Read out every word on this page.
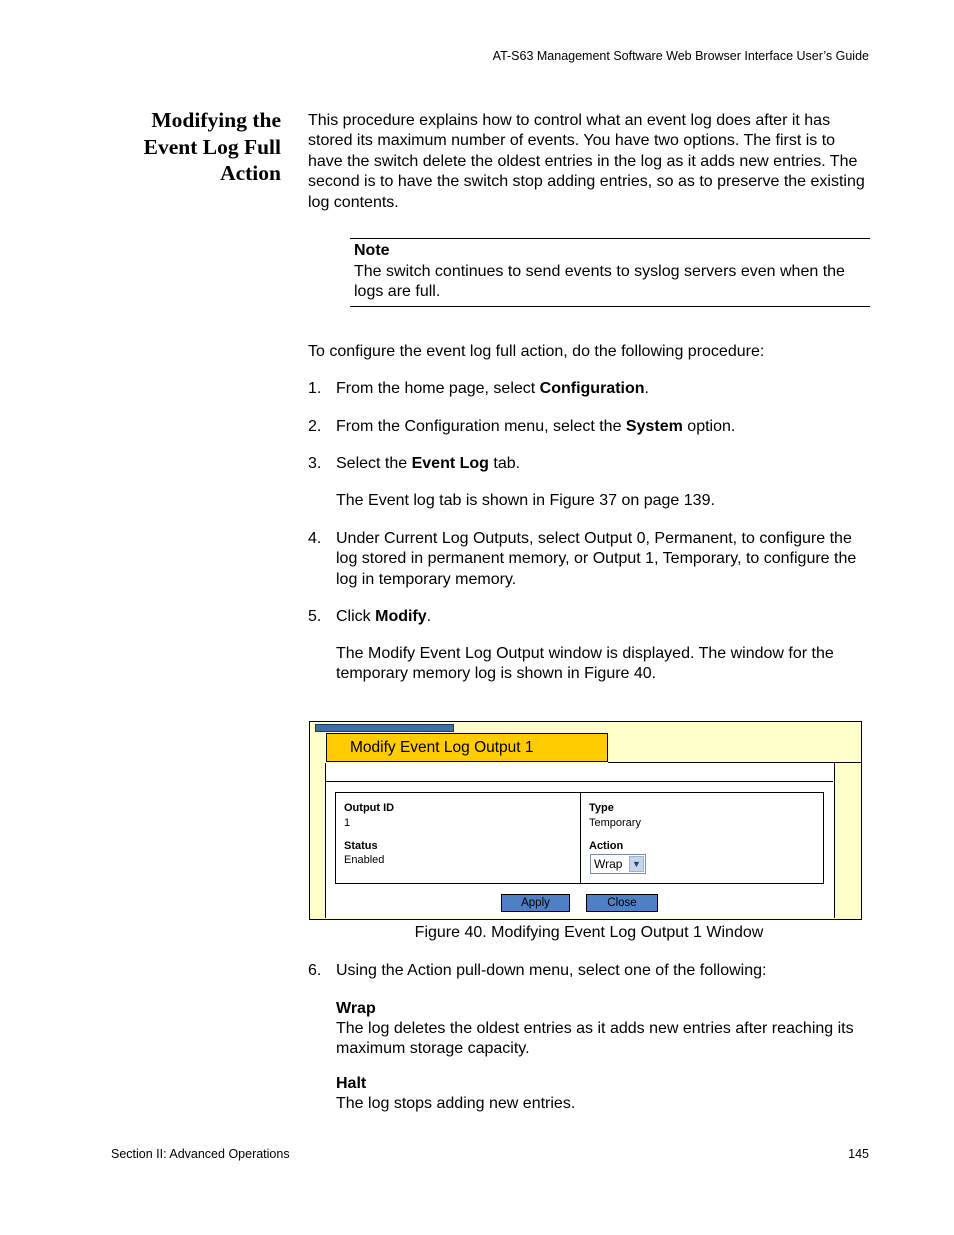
AT-S63 Management Software Web Browser Interface User’s Guide
Modifying the
Event Log Full
Action
This procedure explains how to control what an event log does after it has stored its maximum number of events. You have two options. The first is to have the switch delete the oldest entries in the log as it adds new entries. The second is to have the switch stop adding entries, so as to preserve the existing log contents.
Note
The switch continues to send events to syslog servers even when the logs are full.
To configure the event log full action, do the following procedure:
1. From the home page, select Configuration.
2. From the Configuration menu, select the System option.
3. Select the Event Log tab.
The Event log tab is shown in Figure 37 on page 139.
4. Under Current Log Outputs, select Output 0, Permanent, to configure the log stored in permanent memory, or Output 1, Temporary, to configure the log in temporary memory.
5. Click Modify.
The Modify Event Log Output window is displayed. The window for the temporary memory log is shown in Figure 40.
Modify Event Log Output 1
Output ID
1
Status
Enabled
Type
Temporary
Action
Wrap	▼
Apply	Close
Figure 40. Modifying Event Log Output 1 Window
6. Using the Action pull-down menu, select one of the following:
Wrap
The log deletes the oldest entries as it adds new entries after reaching its maximum storage capacity.
Halt
The log stops adding new entries.
Section II: Advanced Operations	145
